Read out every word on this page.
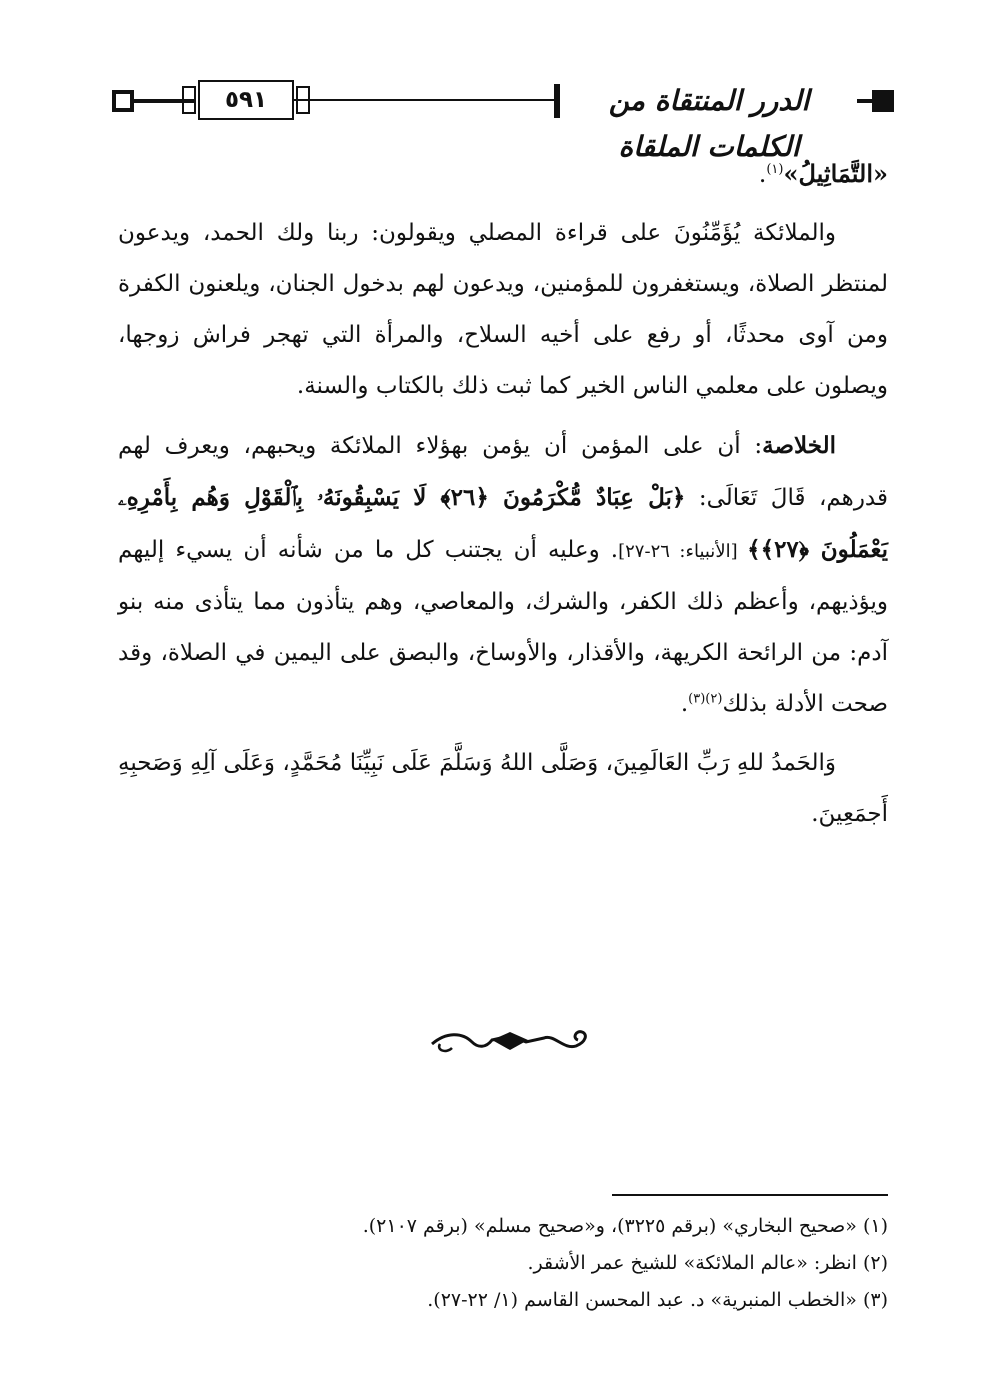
٥٩١	الدرر المنتقاة من الكلمات الملقاة

«التَّمَاثِيلُ»$^{(١)}$.

والملائكة يُؤَمِّنُونَ على قراءة المصلي ويقولون: ربنا ولك الحمد، ويدعون لمنتظر الصلاة، ويستغفرون للمؤمنين، ويدعون لهم بدخول الجنان، ويلعنون الكفرة ومن آوى محدثًا، أو رفع على أخيه السلاح، والمرأة التي تهجر فراش زوجها، ويصلون على معلمي الناس الخير كما ثبت ذلك بالكتاب والسنة.

الخلاصة: أن على المؤمن أن يؤمن بهؤلاء الملائكة ويحبهم، ويعرف لهم قدرهم، قَالَ تَعَالَى: ﴿بَلْ عِبَادٌ مُّكْرَمُونَ ﴿٢٦﴾ لَا يَسْبِقُونَهُۥ بِٱلْقَوْلِ وَهُم بِأَمْرِهِۦ يَعْمَلُونَ ﴿٢٧﴾﴾ [الأنبياء: ٢٦-٢٧]. وعليه أن يجتنب كل ما من شأنه أن يسيء إليهم ويؤذيهم، وأعظم ذلك الكفر، والشرك، والمعاصي، وهم يتأذون مما يتأذى منه بنو آدم: من الرائحة الكريهة، والأقذار، والأوساخ، والبصق على اليمين في الصلاة، وقد صحت الأدلة بذلك$^{(٢)(٣)}$.

وَالحَمدُ للهِ رَبِّ العَالَمِينَ، وَصَلَّى اللهُ وَسَلَّمَ عَلَى نَبِيِّنَا مُحَمَّدٍ، وَعَلَى آلِهِ وَصَحبِهِ أَجمَعِينَ.

(١) «صحيح البخاري» (برقم ٣٢٢٥)، و«صحيح مسلم» (برقم ٢١٠٧).
(٢) انظر: «عالم الملائكة» للشيخ عمر الأشقر.
(٣) «الخطب المنبرية» د. عبد المحسن القاسم (١/ ٢٢-٢٧).
